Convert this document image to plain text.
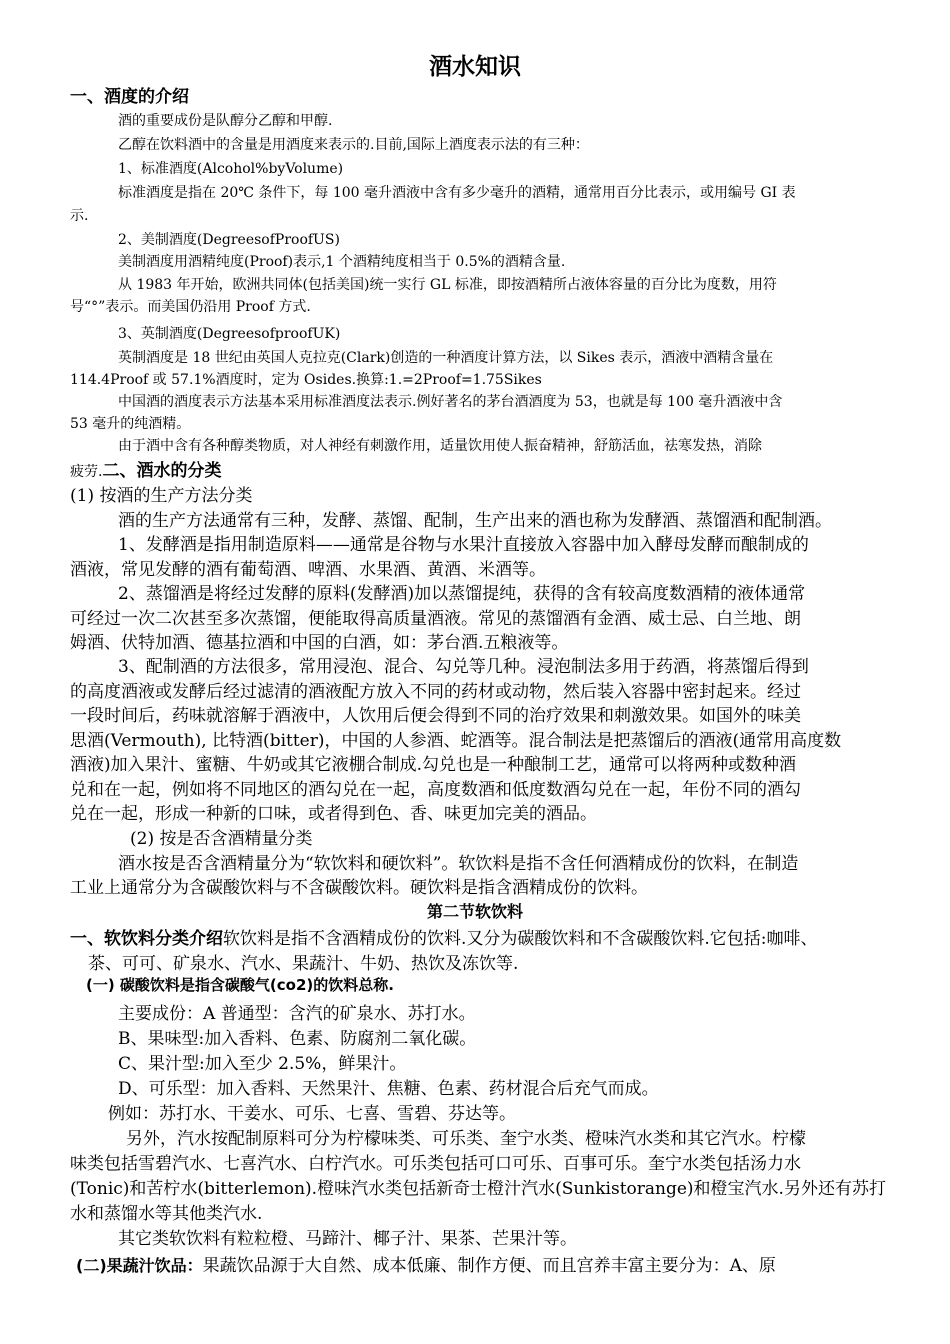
酒水知识
一、酒度的介绍
酒的重要成份是队醇分乙醇和甲醇.
乙醇在饮料酒中的含量是用酒度来表示的.目前,国际上酒度表示法的有三种：
1、标准酒度(Alcohol%byVolume)
标准酒度是指在 20℃ 条件下，每 100 毫升酒液中含有多少毫升的酒精，通常用百分比表示，或用编号 GI 表
示.
2、美制酒度(DegreesofProofUS)
美制酒度用酒精纯度(Proof)表示,1 个酒精纯度相当于 0.5%的酒精含量.
从 1983 年开始，欧洲共同体(包括美国)统一实行 GL 标准，即按酒精所占液体容量的百分比为度数，用符
号“°”表示。而美国仍沿用 Proof 方式.
3、英制酒度(DegreesofproofUK)
英制酒度是 18 世纪由英国人克拉克(Clark)创造的一种酒度计算方法，以 Sikes 表示，酒液中酒精含量在
114.4Proof 或 57.1%酒度时，定为 Osides.换算:1.=2Proof=1.75Sikes
中国酒的酒度表示方法基本采用标准酒度法表示.例好著名的茅台酒酒度为 53，也就是每 100 毫升酒液中含
53 毫升的纯酒精。
由于酒中含有各种醇类物质，对人神经有刺激作用，适量饮用使人振奋精神，舒筋活血，祛寒发热，消除
疲劳.二、酒水的分类
(1) 按酒的生产方法分类
酒的生产方法通常有三种，发酵、蒸馏、配制，生产出来的酒也称为发酵酒、蒸馏酒和配制酒。
1、发酵酒是指用制造原料——通常是谷物与水果汁直接放入容器中加入酵母发酵而酿制成的
酒液，常见发酵的酒有葡萄酒、啤酒、水果酒、黄酒、米酒等。
2、蒸馏酒是将经过发酵的原料(发酵酒)加以蒸馏提纯，获得的含有较高度数酒精的液体通常
可经过一次二次甚至多次蒸馏，便能取得高质量酒液。常见的蒸馏酒有金酒、威士忌、白兰地、朗
姆酒、伏特加酒、德基拉酒和中国的白酒，如：茅台酒.五粮液等。
3、配制酒的方法很多，常用浸泡、混合、勾兑等几种。浸泡制法多用于药酒，将蒸馏后得到
的高度酒液或发酵后经过滤清的酒液配方放入不同的药材或动物，然后装入容器中密封起来。经过
一段时间后，药味就溶解于酒液中，人饮用后便会得到不同的治疗效果和刺激效果。如国外的味美
思酒(Vermouth), 比特酒(bitter)，中国的人参酒、蛇酒等。混合制法是把蒸馏后的酒液(通常用高度数
酒液)加入果汁、蜜糖、牛奶或其它液棚合制成.勾兑也是一种酿制工艺，通常可以将两种或数种酒
兑和在一起，例如将不同地区的酒勾兑在一起，高度数酒和低度数酒勾兑在一起，年份不同的酒勾
兑在一起，形成一种新的口味，或者得到色、香、味更加完美的酒品。
(2) 按是否含酒精量分类
酒水按是否含酒精量分为“软饮料和硬饮料”。软饮料是指不含任何酒精成份的饮料，在制造
工业上通常分为含碳酸饮料与不含碳酸饮料。硬饮料是指含酒精成份的饮料。
第二节软饮料
一、软饮料分类介绍软饮料是指不含酒精成份的饮料.又分为碳酸饮料和不含碳酸饮料.它包括:咖啡、
茶、可可、矿泉水、汽水、果蔬汁、牛奶、热饮及冻饮等.
(一) 碳酸饮料是指含碳酸气(co2)的饮料总称.
主要成份：A 普通型：含汽的矿泉水、苏打水。
B、果味型:加入香料、色素、防腐剂二氧化碳。
C、果汁型:加入至少 2.5%，鲜果汁。
D、可乐型：加入香料、天然果汁、焦糖、色素、药材混合后充气而成。
例如：苏打水、干姜水、可乐、七喜、雪碧、芬达等。
另外，汽水按配制原料可分为柠檬味类、可乐类、奎宁水类、橙味汽水类和其它汽水。柠檬
味类包括雪碧汽水、七喜汽水、白柠汽水。可乐类包括可口可乐、百事可乐。奎宁水类包括汤力水
(Tonic)和苦柠水(bitterlemon).橙味汽水类包括新奇士橙汁汽水(Sunkistorange)和橙宝汽水.另外还有苏打
水和蒸馏水等其他类汽水.
其它类软饮料有粒粒橙、马蹄汁、椰子汁、果茶、芒果汁等。
(二)果蔬汁饮品：果蔬饮品源于大自然、成本低廉、制作方便、而且宫养丰富主要分为：A、原
